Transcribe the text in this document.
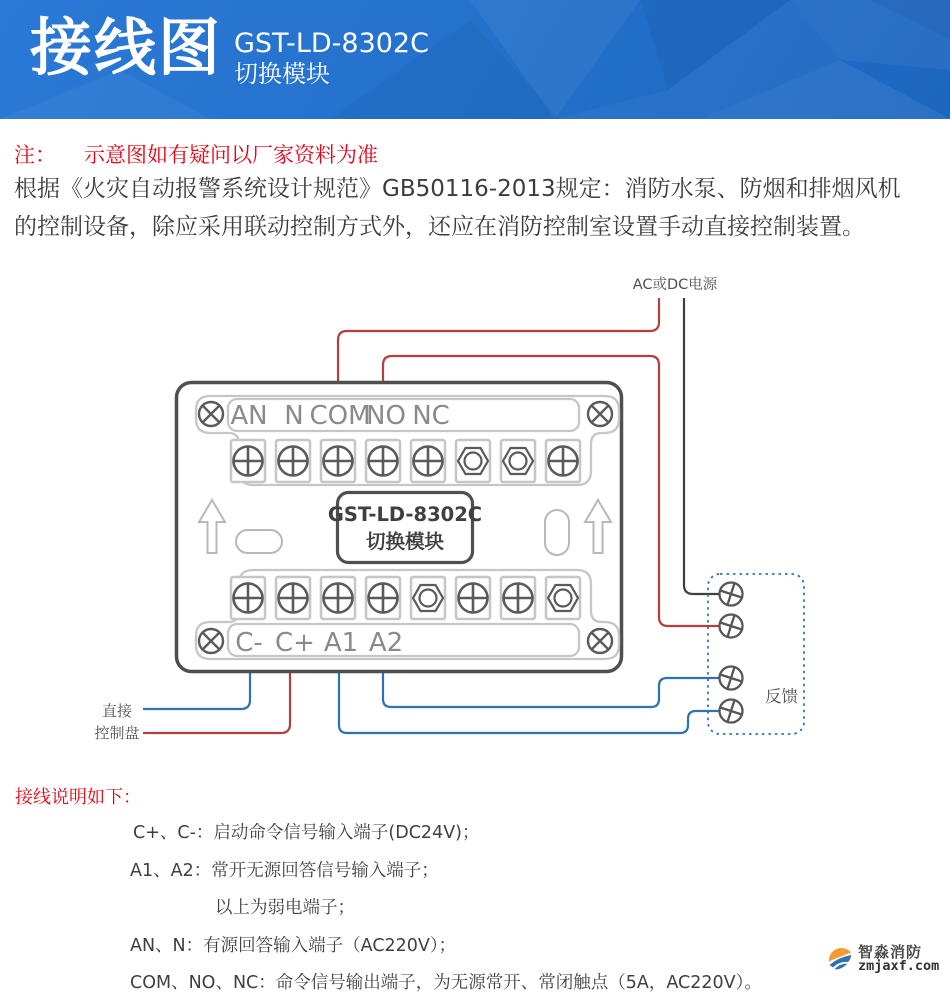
接线图 GST-LD-8302C
切换模块
注： 示意图如有疑问以厂家资料为准
根据《火灾自动报警系统设计规范》GB50116-2013规定：消防水泵、防烟和排烟风机
的控制设备，除应采用联动控制方式外，还应在消防控制室设置手动直接控制装置。
AC或DC电源
AN N COM
NO NC
GST-LD-8302C
切换模块
C- C+ A1 A2
反馈
直接
控制盘
接线说明如下：
C+、C-：启动命令信号输入端子(DC24V)；
A1、A2：常开无源回答信号输入端子；
以上为弱电端子；
AN、N：有源回答输入端子（AC220V）；
COM、NO、NC：命令信号输出端子，为无源常开、常闭触点（5A，AC220V）。
智淼消防
zmjaxf.com
